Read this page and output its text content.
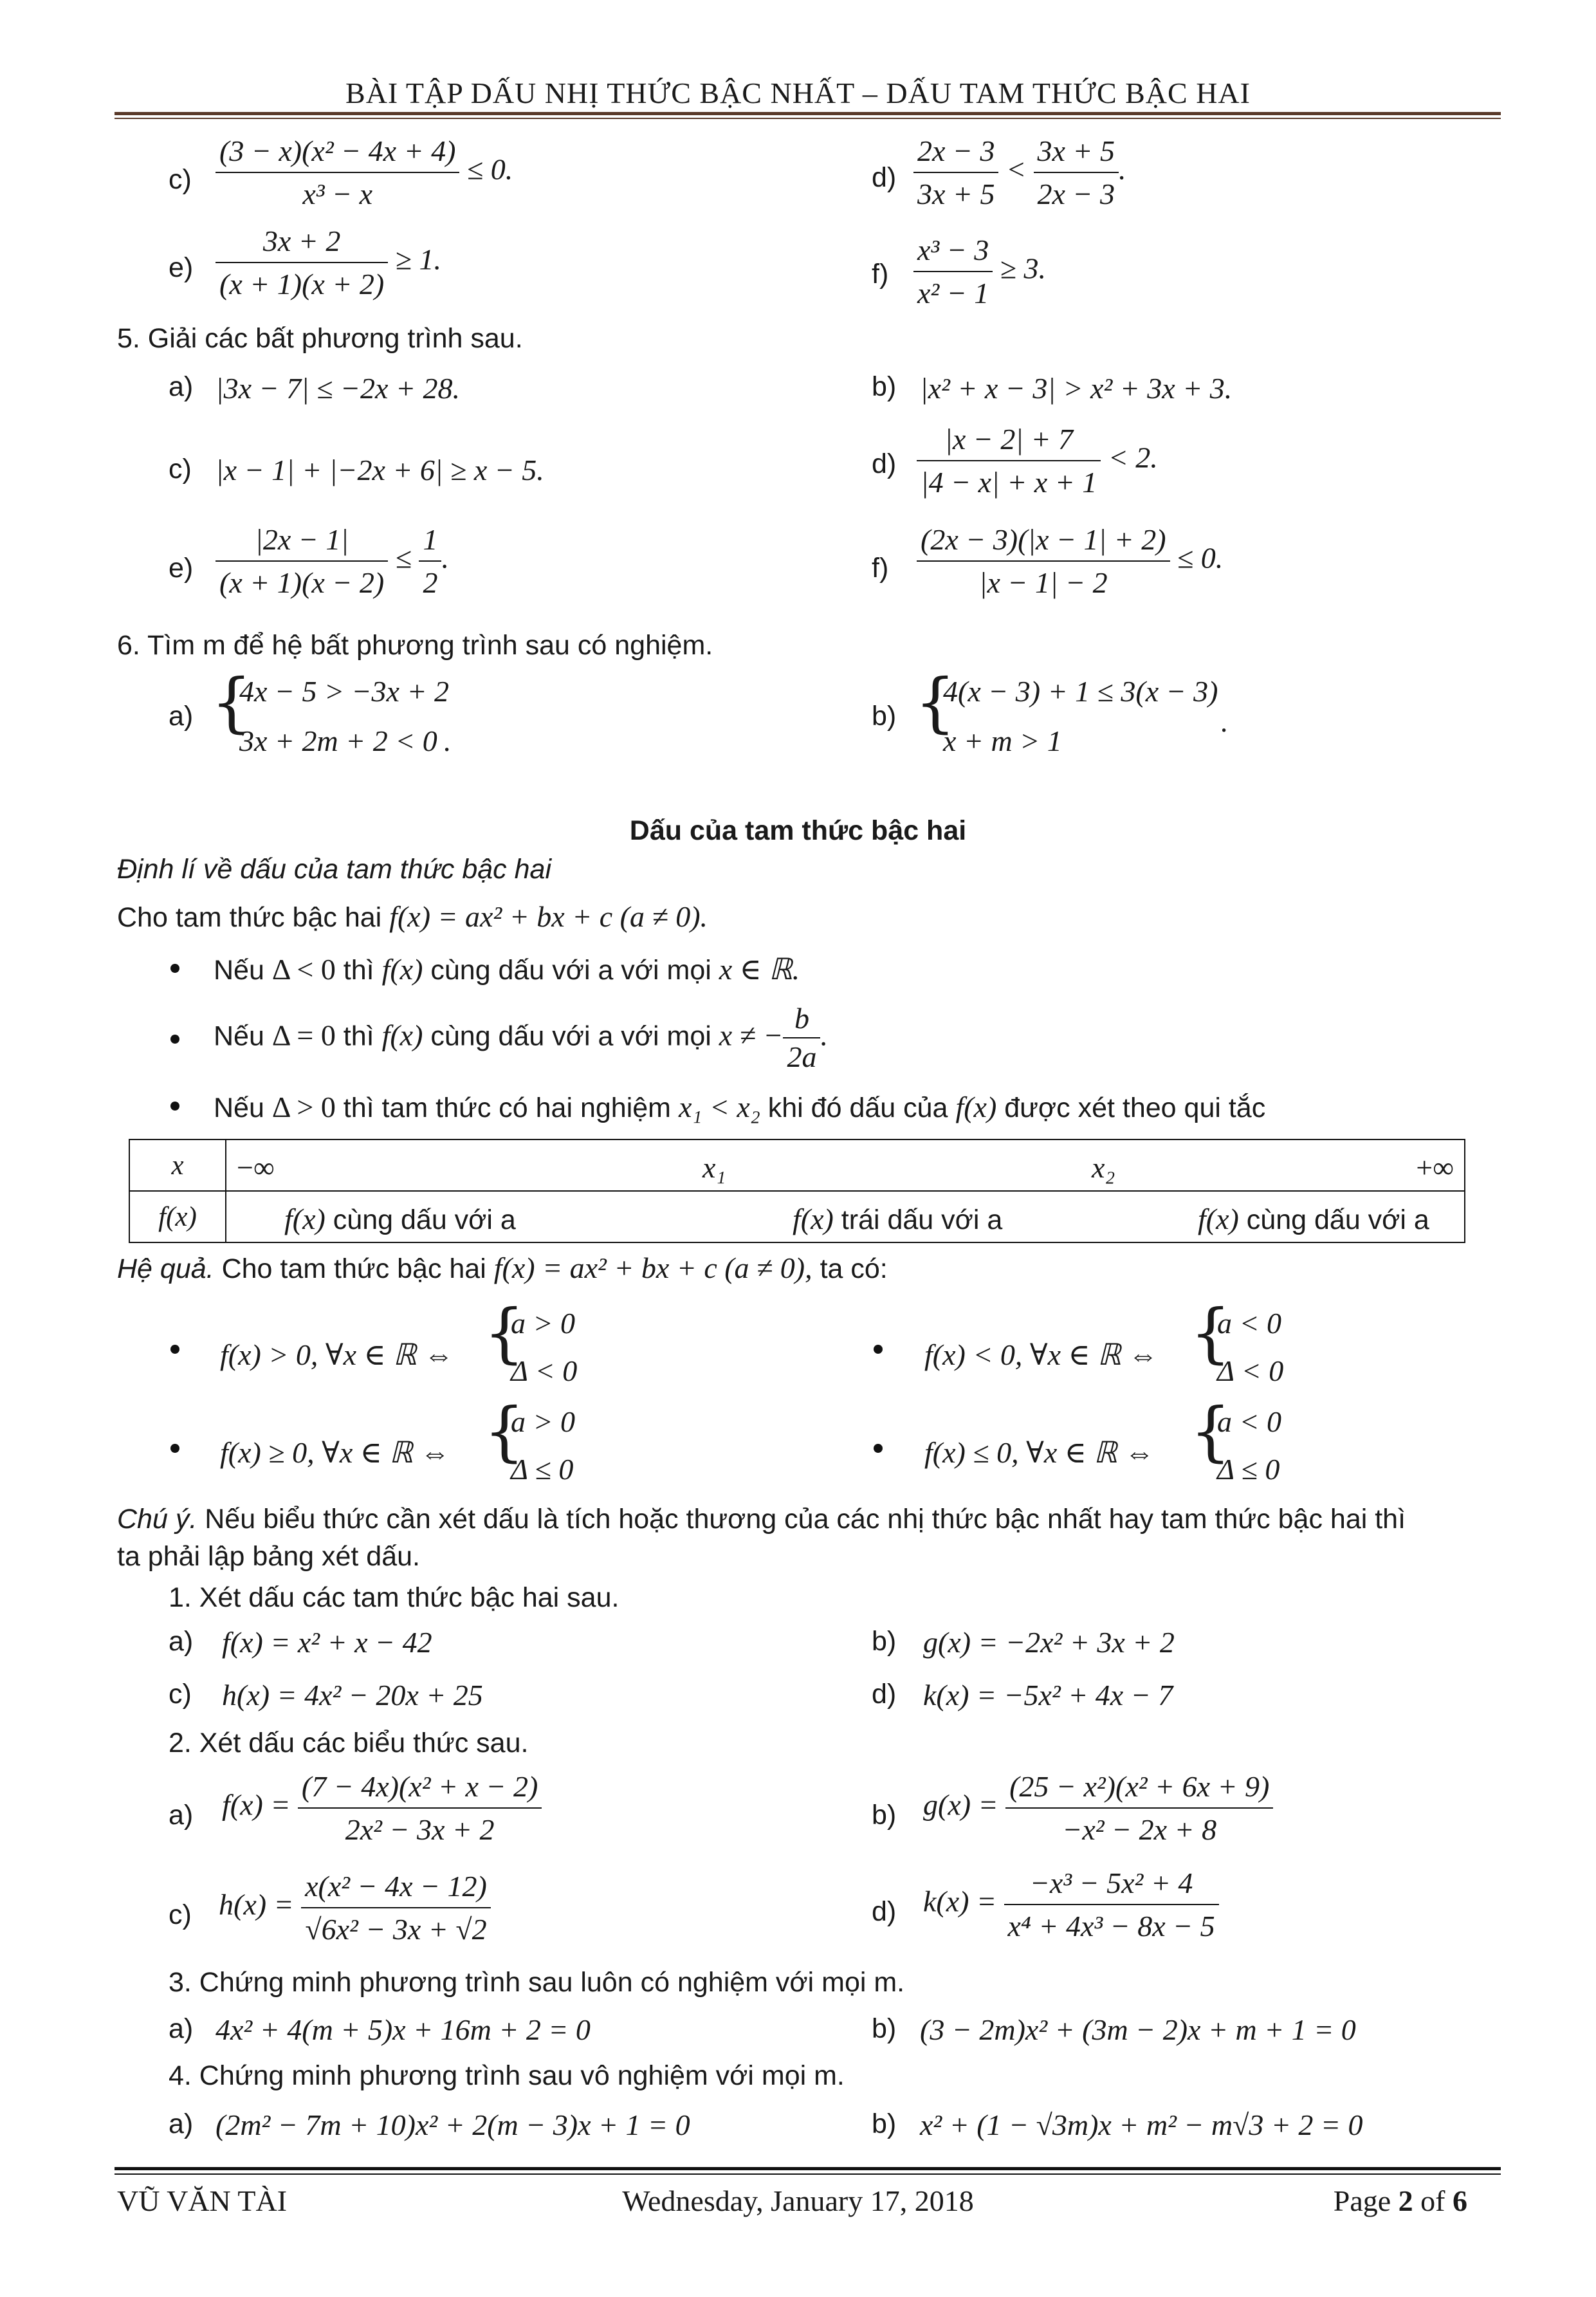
BÀI TẬP DẤU NHỊ THỨC BẬC NHẤT – DẤU TAM THỨC BẬC HAI
$c) \frac{\text{(3 − x)(x² − 4x + 4)}}{\text{x³ − x}} \le 0$.	$d) \frac{2x - 3}{3x + 5} < \frac{3x + 5}{2x - 3}$ .
$e) \frac{3x + 2}{(x + 1)(x + 2)} \ge 1$.	$f) \frac{\text{x³ − 3}}{\text{x² − 1}} \ge 3$.
5. Giải các bất phương trình sau.
a) |3x − 7| ≤ −2x + 28.	b) |x² + x − 3| > x² + 3x + 3.
c) |x − 1| + |−2x + 6| ≥ x − 5.	$d) \frac{|x - 2| + 7}{|4 - x| + x + 1} < 2$.
$e) \frac{|2x - 1|}{(x + 1)(x - 2)} \le \frac{1}{2}$ .	$f) \frac{(2x - 3)(|x - 1| + 2)}{|x - 1| - 2} \le 0$.
6. Tìm m để hệ bất phương trình sau có nghiệm.
a) {
4x − 5 > −3x + 2
3x + 2m + 2 < 0 .
b) {
4(x − 3) + 1 ≤ 3(x − 3)
x + m > 1
.
Dấu của tam thức bậc hai
Định lí về dấu của tam thức bậc hai
Cho tam thức bậc hai f(x) = ax² + bx + c (a ≠ 0).
Nếu Δ < 0 thì f(x) cùng dấu với a với mọi x ∈ ℝ.
Nếu Δ = 0 thì f(x) cùng dấu với a với mọi x ≠ − $\frac{b}{2a}$ .
Nếu Δ > 0 thì tam thức có hai nghiệm x₁ < x₂ khi đó dấu của f(x) được xét theo qui tắc
x	−∞ x₁ x₂ +∞

f(x)	f(x) cùng dấu với a f(x) trái dấu với a f(x) cùng dấu với a
Hệ quả. Cho tam thức bậc hai f(x) = ax² + bx + c (a ≠ 0), ta có:
f(x) > 0, ∀x ∈ ℝ ⇔ {
a > 0
Δ < 0	f(x) < 0, ∀x ∈ ℝ ⇔ {
a < 0
Δ < 0
f(x) ≥ 0, ∀x ∈ ℝ ⇔ {
a > 0
Δ ≤ 0
f(x) ≤ 0, ∀x ∈ ℝ ⇔ {
a < 0
Δ ≤ 0
Chú ý. Nếu biểu thức cần xét dấu là tích hoặc thương của các nhị thức bậc nhất hay tam thức bậc hai thì
ta phải lập bảng xét dấu.
1. Xét dấu các tam thức bậc hai sau.
a) f(x) = x² + x − 42	b) g(x) = −2x² + 3x + 2
c) h(x) = 4x² − 20x + 25	d) k(x) = −5x² + 4x − 7
2. Xét dấu các biểu thức sau.
a) $f(x) = \frac{\text{(7 − 4x)(x² + x − 2)}}{\text{2x² − 3x + 2}}$	b) $g(x) = \frac{\text{(25 − x²)(x² + 6x + 9)}}{\text{−x² − 2x + 8}}$
c) $h(x) = \frac{\text{x(x² − 4x − 12)}}{\text{√6x² − 3x + √2}}$	d) $k(x) = \frac{\text{−x³ − 5x² + 4}}{\text{x⁴ + 4x³ − 8x − 5}}$
3. Chứng minh phương trình sau luôn có nghiệm với mọi m.
a) 4x² + 4(m + 5)x + 16m + 2 = 0	b) (3 − 2m)x² + (3m − 2)x + m + 1 = 0
4. Chứng minh phương trình sau vô nghiệm với mọi m.
a) (2m² − 7m + 10)x² + 2(m − 3)x + 1 = 0	b) x² + (1 − √3m)x + m² − m√3 + 2 = 0
VŨ VĂN TÀI	Wednesday, January 17, 2018	Page 2 of 6
